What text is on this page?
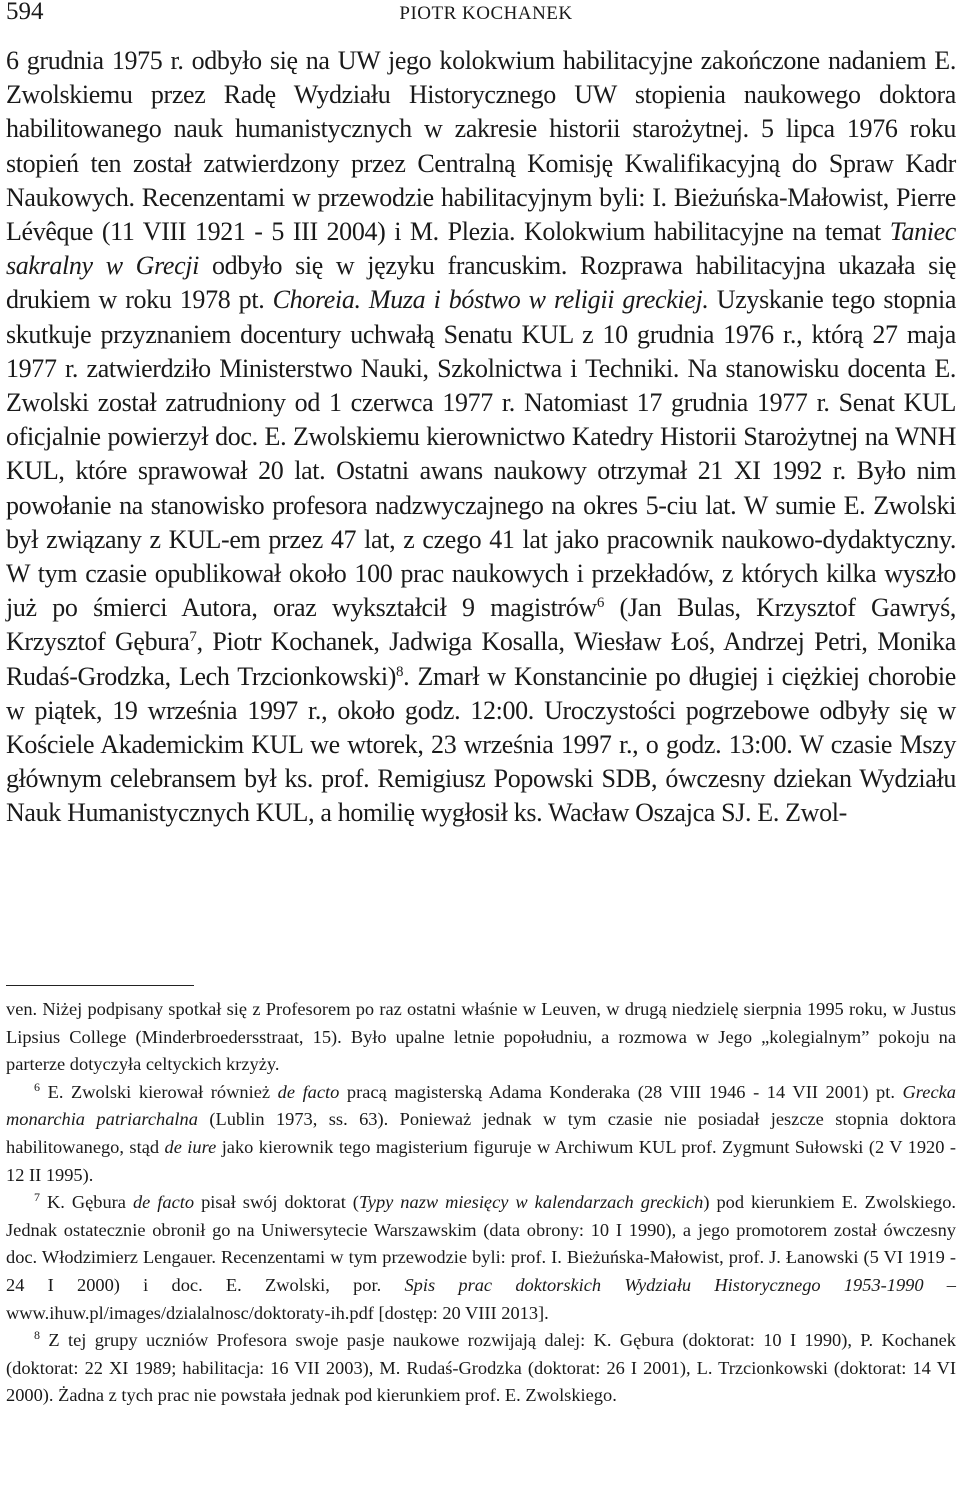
594	PIOTR KOCHANEK

6 grudnia 1975 r. odbyło się na UW jego kolokwium habilitacyjne zakończone nadaniem E. Zwolskiemu przez Radę Wydziału Historycznego UW stopienia naukowego doktora habilitowanego nauk humanistycznych w zakresie historii starożytnej. 5 lipca 1976 roku stopień ten został zatwierdzony przez Centralną Komisję Kwalifikacyjną do Spraw Kadr Naukowych. Recenzentami w przewodzie habilitacyjnym byli: I. Bieżuńska-Małowist, Pierre Lévêque (11 VIII 1921 - 5 III 2004) i M. Plezia. Kolokwium habilitacyjne na temat Taniec sakralny w Grecji odbyło się w języku francuskim. Rozprawa habilitacyjna ukazała się drukiem w roku 1978 pt. Choreia. Muza i bóstwo w religii greckiej. Uzyskanie tego stopnia skutkuje przyznaniem docentury uchwałą Senatu KUL z 10 grudnia 1976 r., którą 27 maja 1977 r. zatwierdziło Ministerstwo Nauki, Szkolnictwa i Techniki. Na stanowisku docenta E. Zwolski został zatrudniony od 1 czerwca 1977 r. Natomiast 17 grudnia 1977 r. Senat KUL oficjalnie powierzył doc. E. Zwolskiemu kierownictwo Katedry Historii Starożytnej na WNH KUL, które sprawował 20 lat. Ostatni awans naukowy otrzymał 21 XI 1992 r. Było nim powołanie na stanowisko profesora nadzwyczajnego na okres 5-ciu lat. W sumie E. Zwolski był związany z KUL-em przez 47 lat, z czego 41 lat jako pracownik naukowo-dydaktyczny. W tym czasie opublikował około 100 prac naukowych i przekładów, z których kilka wyszło już po śmierci Autora, oraz wykształcił 9 magistrów$^6$ (Jan Bulas, Krzysztof Gawryś, Krzysztof Gębura$^7$, Piotr Kochanek, Jadwiga Kosalla, Wiesław Łoś, Andrzej Petri, Monika Rudaś-Grodzka, Lech Trzcionkowski)$^8$. Zmarł w Konstancinie po długiej i ciężkiej chorobie w piątek, 19 września 1997 r., około godz. 12:00. Uroczystości pogrzebowe odbyły się w Kościele Akademickim KUL we wtorek, 23 września 1997 r., o godz. 13:00. W czasie Mszy głównym celebransem był ks. prof. Remigiusz Popowski SDB, ówczesny dziekan Wydziału Nauk Humanistycznych KUL, a homilię wygłosił ks. Wacław Oszajca SJ. E. Zwol-

ven. Niżej podpisany spotkał się z Profesorem po raz ostatni właśnie w Leuven, w drugą niedzielę sierpnia 1995 roku, w Justus Lipsius College (Minderbroedersstraat, 15). Było upalne letnie popołudniu, a rozmowa w Jego „kolegialnym” pokoju na parterze dotyczyła celtyckich krzyży.

$^6$ E. Zwolski kierował również de facto pracą magisterską Adama Konderaka (28 VIII 1946 - 14 VII 2001) pt. Grecka monarchia patriarchalna (Lublin 1973, ss. 63). Ponieważ jednak w tym czasie nie posiadał jeszcze stopnia doktora habilitowanego, stąd de iure jako kierownik tego magisterium figuruje w Archiwum KUL prof. Zygmunt Sułowski (2 V 1920 - 12 II 1995).

$^7$ K. Gębura de facto pisał swój doktorat (Typy nazw miesięcy w kalendarzach greckich) pod kierunkiem E. Zwolskiego. Jednak ostatecznie obronił go na Uniwersytecie Warszawskim (data obrony: 10 I 1990), a jego promotorem został ówczesny doc. Włodzimierz Lengauer. Recenzentami w tym przewodzie byli: prof. I. Bieżuńska-Małowist, prof. J. Łanowski (5 VI 1919 - 24 I 2000) i doc. E. Zwolski, por. Spis prac doktorskich Wydziału Historycznego 1953-1990 – www.ihuw.pl/images/dzialalnosc/doktoraty-ih.pdf [dostęp: 20 VIII 2013].

$^8$ Z tej grupy uczniów Profesora swoje pasje naukowe rozwijają dalej: K. Gębura (doktorat: 10 I 1990), P. Kochanek (doktorat: 22 XI 1989; habilitacja: 16 VII 2003), M. Rudaś-Grodzka (doktorat: 26 I 2001), L. Trzcionkowski (doktorat: 14 VI 2000). Żadna z tych prac nie powstała jednak pod kierunkiem prof. E. Zwolskiego.
